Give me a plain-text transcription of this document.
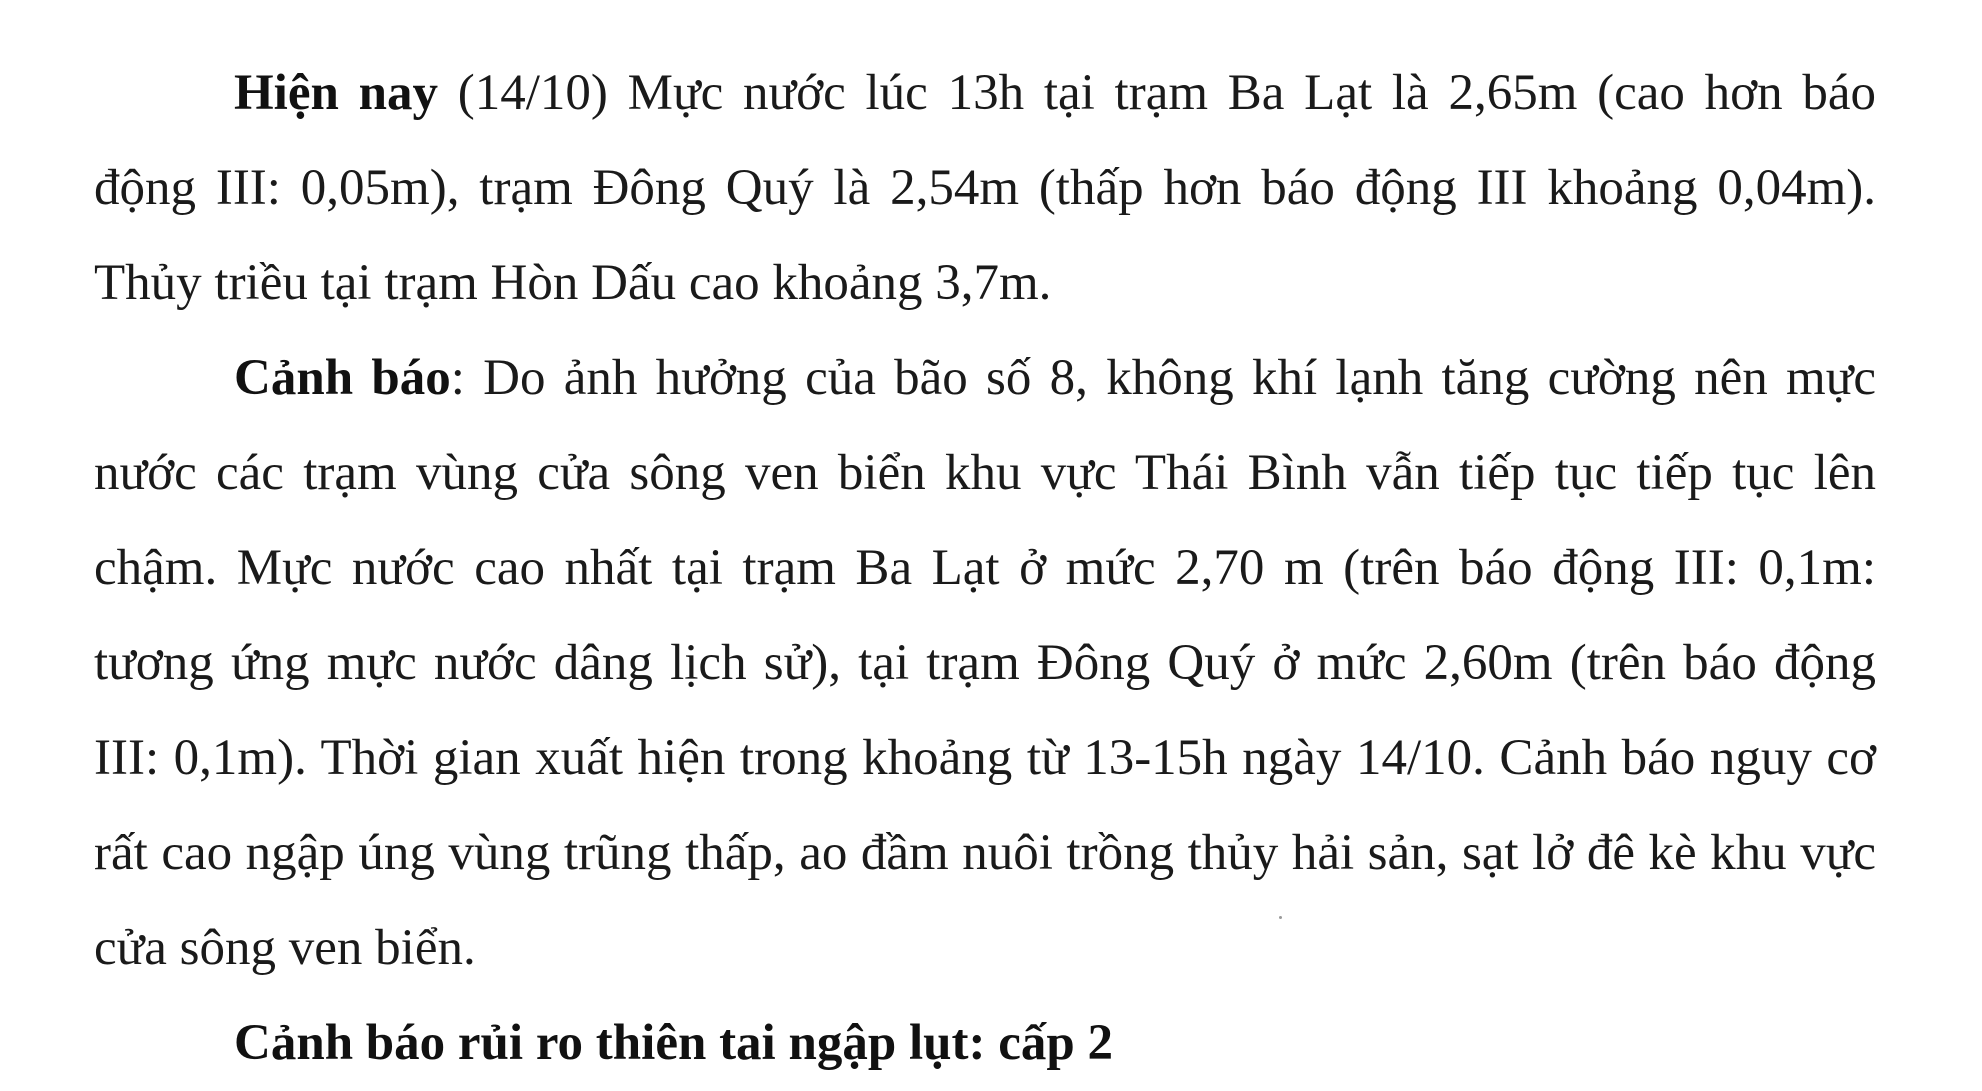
Hiện nay (14/10) Mực nước lúc 13h tại trạm Ba Lạt là 2,65m (cao hơn báo động III: 0,05m), trạm Đông Quý là 2,54m (thấp hơn báo động III khoảng 0,04m). Thủy triều tại trạm Hòn Dấu cao khoảng 3,7m.

Cảnh báo: Do ảnh hưởng của bão số 8, không khí lạnh tăng cường nên mực nước các trạm vùng cửa sông ven biển khu vực Thái Bình vẫn tiếp tục tiếp tục lên chậm. Mực nước cao nhất tại trạm Ba Lạt ở mức 2,70 m (trên báo động III: 0,1m: tương ứng mực nước dâng lịch sử), tại trạm Đông Quý ở mức 2,60m (trên báo động III: 0,1m). Thời gian xuất hiện trong khoảng từ 13-15h ngày 14/10. Cảnh báo nguy cơ rất cao ngập úng vùng trũng thấp, ao đầm nuôi trồng thủy hải sản, sạt lở đê kè khu vực cửa sông ven biển.

Cảnh báo rủi ro thiên tai ngập lụt: cấp 2
